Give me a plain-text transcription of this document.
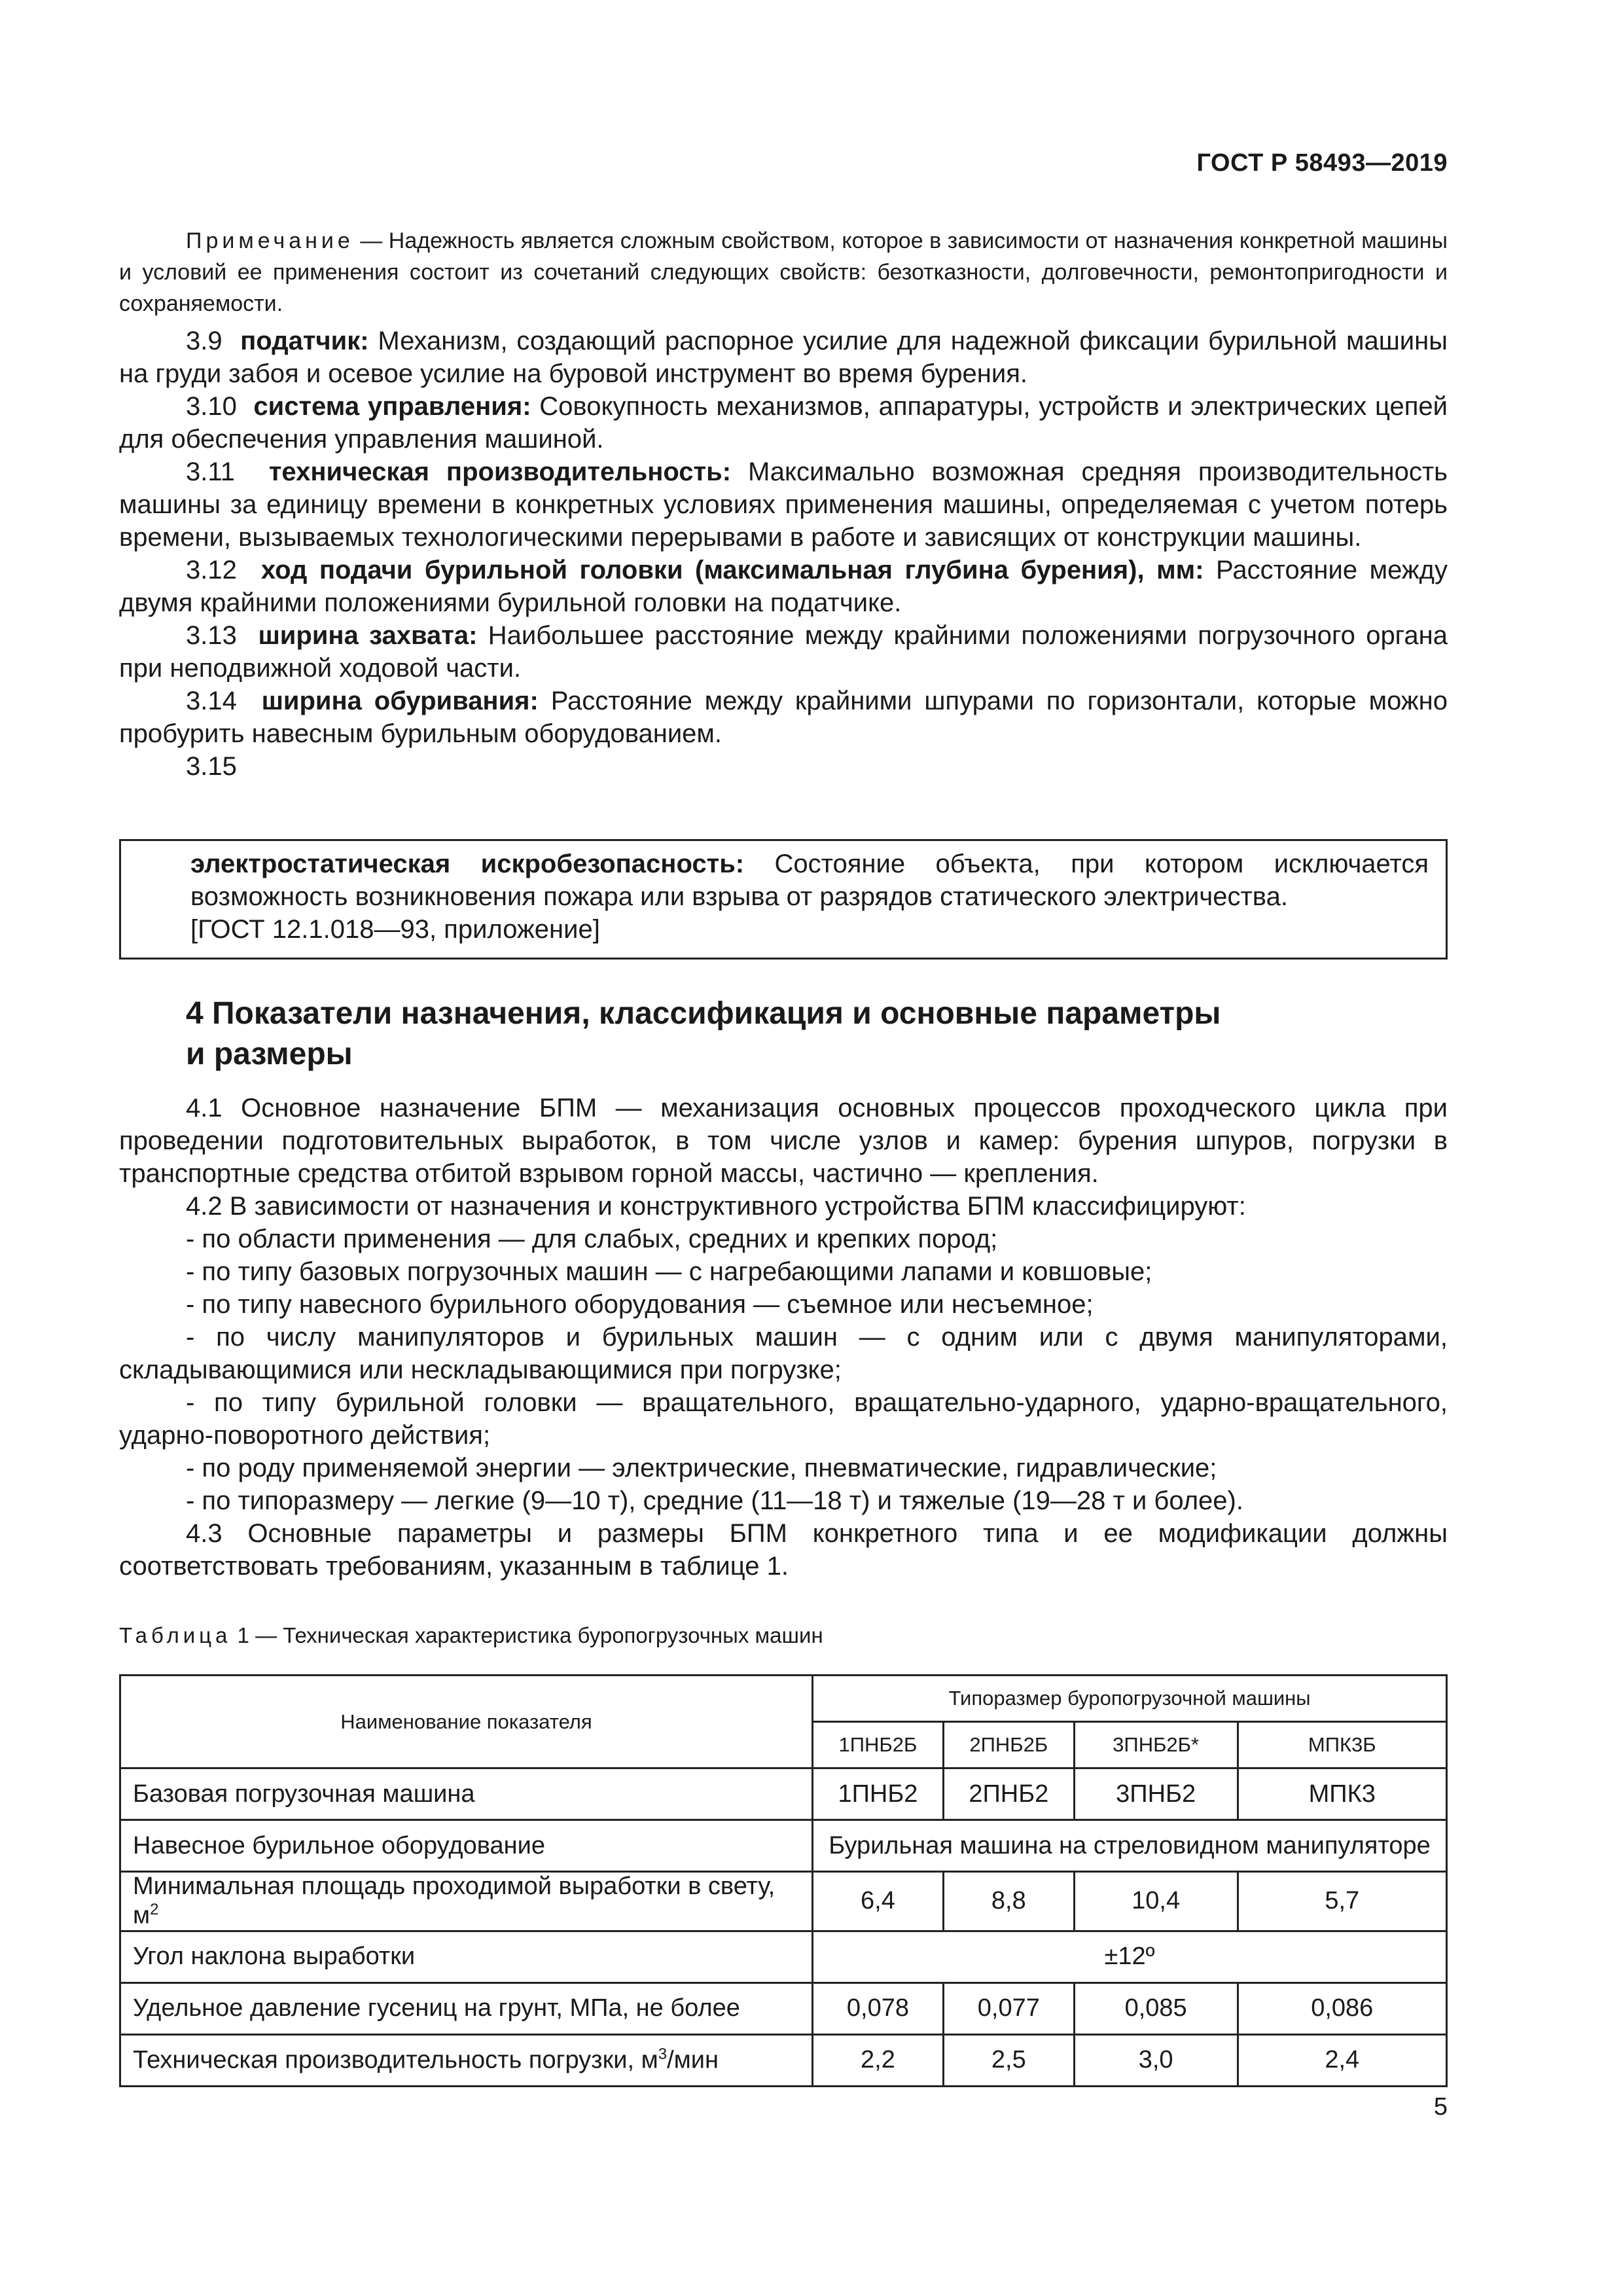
ГОСТ Р 58493—2019
Примечание — Надежность является сложным свойством, которое в зависимости от назначения конкретной машины и условий ее применения состоит из сочетаний следующих свойств: безотказности, долговечности, ремонтопригодности и сохраняемости.

3.9 податчик: Механизм, создающий распорное усилие для надежной фиксации бурильной машины на груди забоя и осевое усилие на буровой инструмент во время бурения.

3.10 система управления: Совокупность механизмов, аппаратуры, устройств и электрических цепей для обеспечения управления машиной.

3.11 техническая производительность: Максимально возможная средняя производительность машины за единицу времени в конкретных условиях применения машины, определяемая с учетом потерь времени, вызываемых технологическими перерывами в работе и зависящих от конструкции машины.

3.12 ход подачи бурильной головки (максимальная глубина бурения), мм: Расстояние между двумя крайними положениями бурильной головки на податчике.

3.13 ширина захвата: Наибольшее расстояние между крайними положениями погрузочного органа при неподвижной ходовой части.

3.14 ширина обуривания: Расстояние между крайними шпурами по горизонтали, которые можно пробурить навесным бурильным оборудованием.

3.15

электростатическая искробезопасность: Состояние объекта, при котором исключается возможность возникновения пожара или взрыва от разрядов статического электричества.
[ГОСТ 12.1.018—93, приложение]
4 Показатели назначения, классификация и основные параметры
и размеры

4.1 Основное назначение БПМ — механизация основных процессов проходческого цикла при проведении подготовительных выработок, в том числе узлов и камер: бурения шпуров, погрузки в транспортные средства отбитой взрывом горной массы, частично — крепления.

4.2 В зависимости от назначения и конструктивного устройства БПМ классифицируют:

- по области применения — для слабых, средних и крепких пород;

- по типу базовых погрузочных машин — с нагребающими лапами и ковшовые;

- по типу навесного бурильного оборудования — съемное или несъемное;

- по числу манипуляторов и бурильных машин — с одним или с двумя манипуляторами, складывающимися или нескладывающимися при погрузке;

- по типу бурильной головки — вращательного, вращательно-ударного, ударно-вращательного, ударно-поворотного действия;

- по роду применяемой энергии — электрические, пневматические, гидравлические;

- по типоразмеру — легкие (9—10 т), средние (11—18 т) и тяжелые (19—28 т и более).

4.3 Основные параметры и размеры БПМ конкретного типа и ее модификации должны соответствовать требованиям, указанным в таблице 1.

Таблица 1 — Техническая характеристика буропогрузочных машин
Наименование показателя	Типоразмер буропогрузочной машины			
	1ПНБ2Б	2ПНБ2Б	3ПНБ2Б*	МПК3Б
Базовая погрузочная машина	1ПНБ2	2ПНБ2	3ПНБ2	МПК3
Навесное бурильное оборудование	Бурильная машина на стреловидном манипуляторе			
Минимальная площадь проходимой выработки в свету, $м^2$	6,4	8,8	10,4	5,7
Угол наклона выработки	±12º			
Удельное давление гусениц на грунт, МПа, не более	0,078	0,077	0,085	0,086
Техническая производительность погрузки, $м^3$/мин	2,2	2,5	3,0	2,4
5
